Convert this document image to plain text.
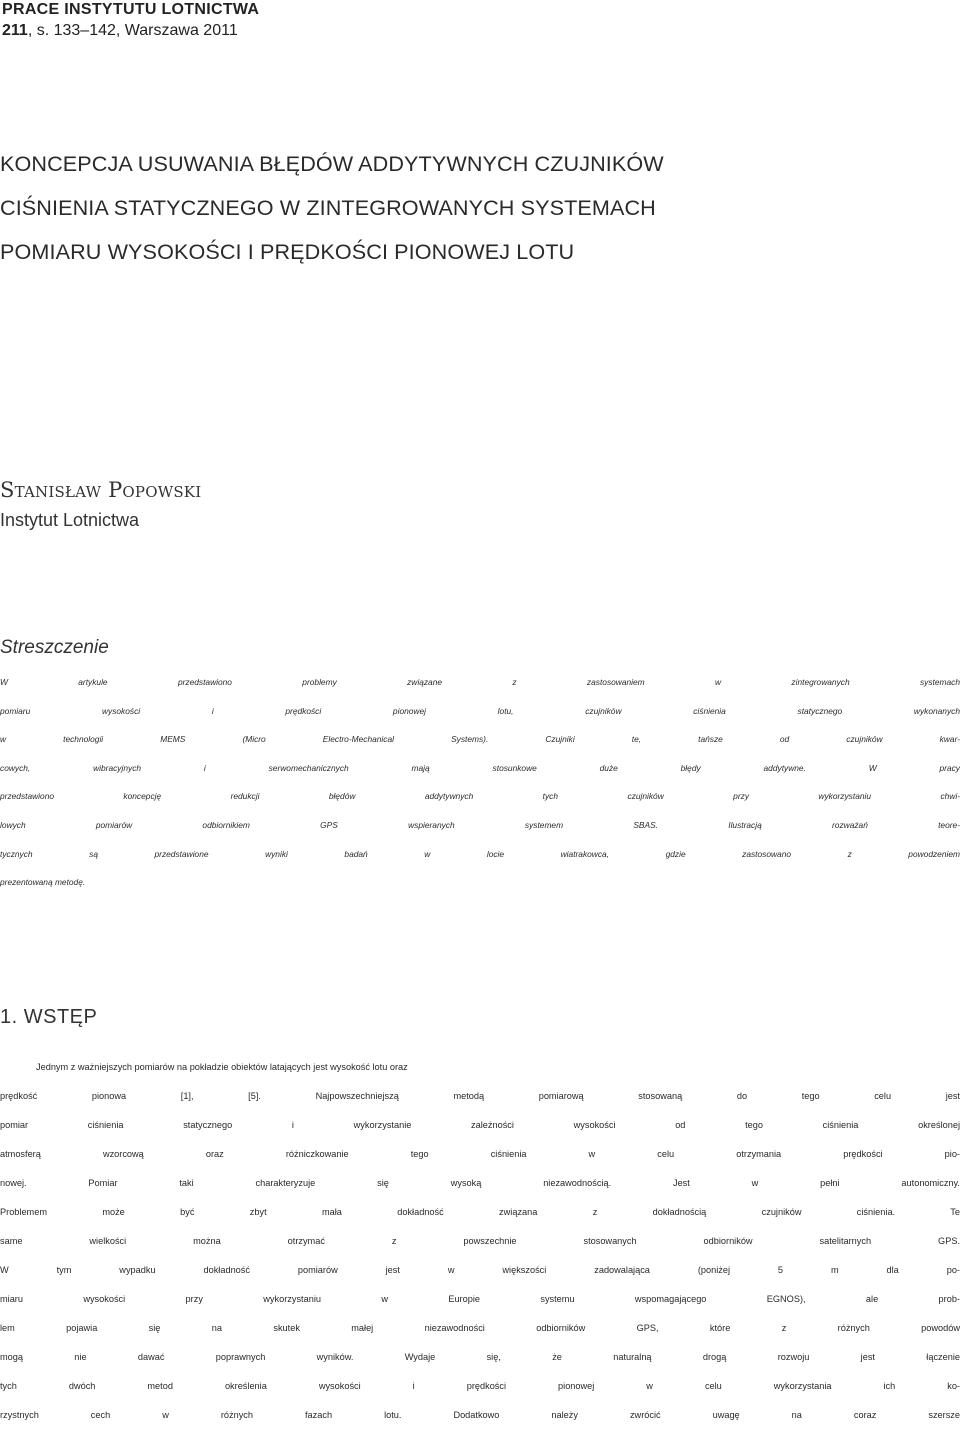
PRACE INSTYTUTU LOTNICTWA
211, s. 133–142, Warszawa 2011
KONCEPCJA USUWANIA BŁĘDÓW ADDYTYWNYCH CZUJNIKÓW
CIŚNIENIA STATYCZNEGO W ZINTEGROWANYCH SYSTEMACH
POMIARU WYSOKOŚCI I PRĘDKOŚCI PIONOWEJ LOTU
Stanisław Popowski
Instytut Lotnictwa
Streszczenie
W artykule przedstawiono problemy związane z zastosowaniem w zintegrowanych systemach
pomiaru wysokości i prędkości pionowej lotu, czujników ciśnienia statycznego wykonanych
w technologii MEMS (Micro Electro-Mechanical Systems). Czujniki te, tańsze od czujników kwar-
cowych, wibracyjnych i serwomechanicznych mają stosunkowe duże błędy addytywne. W pracy
przedstawiono koncepcję redukcji błędów addytywnych tych czujników przy wykorzystaniu chwi-
lowych pomiarów odbiornikiem GPS wspieranych systemem SBAS. Ilustracją rozważań teore-
tycznych są przedstawione wyniki badań w locie wiatrakowca, gdzie zastosowano z powodzeniem
prezentowaną metodę.
1. WSTĘP
Jednym z ważniejszych pomiarów na pokładzie obiektów latających jest wysokość lotu oraz
prędkość pionowa [1], [5]. Najpowszechniejszą metodą pomiarową stosowaną do tego celu jest
pomiar ciśnienia statycznego i wykorzystanie zależności wysokości od tego ciśnienia określonej
atmosferą wzorcową oraz różniczkowanie tego ciśnienia w celu otrzymania prędkości pio-
nowej. Pomiar taki charakteryzuje się wysoką niezawodnością. Jest w pełni autonomiczny.
Problemem może być zbyt mała dokładność związana z dokładnością czujników ciśnienia. Te
same wielkości można otrzymać z powszechnie stosowanych odbiorników satelitarnych GPS.
W tym wypadku dokładność pomiarów jest w większości zadowalająca (poniżej 5 m dla po-
miaru wysokości przy wykorzystaniu w Europie systemu wspomagającego EGNOS), ale prob-
lem pojawia się na skutek małej niezawodności odbiorników GPS, które z różnych powodów
mogą nie dawać poprawnych wyników. Wydaje się, że naturalną drogą rozwoju jest łączenie
tych dwóch metod określenia wysokości i prędkości pionowej w celu wykorzystania ich ko-
rzystnych cech w różnych fazach lotu. Dodatkowo należy zwrócić uwagę na coraz szersze
